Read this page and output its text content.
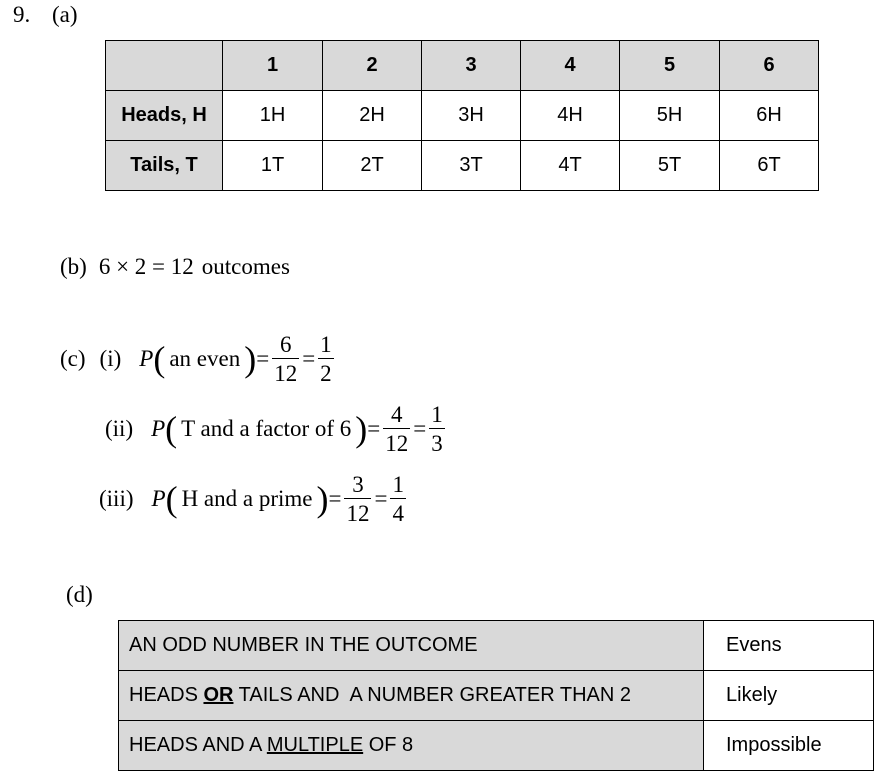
9. (a)
	1	2	3	4	5	6
Heads, H	1H	2H	3H	4H	5H	6H
Tails, T	1T	2T	3T	4T	5T	6T
(b) 6 × 2 = 12 outcomes
(c) (i) P ( an even ) = $\frac{6}{12} = \frac{1}{2}$
(ii) P ( T and a factor of 6 ) = $\frac{4}{12} = \frac{1}{3}$
(iii) P ( H and a prime ) = $\frac{3}{12} = \frac{1}{4}$
(d)
AN ODD NUMBER IN THE OUTCOME	Evens
HEADS OR TAILS AND  A NUMBER GREATER THAN 2	Likely
HEADS AND A MULTIPLE OF 8	Impossible
